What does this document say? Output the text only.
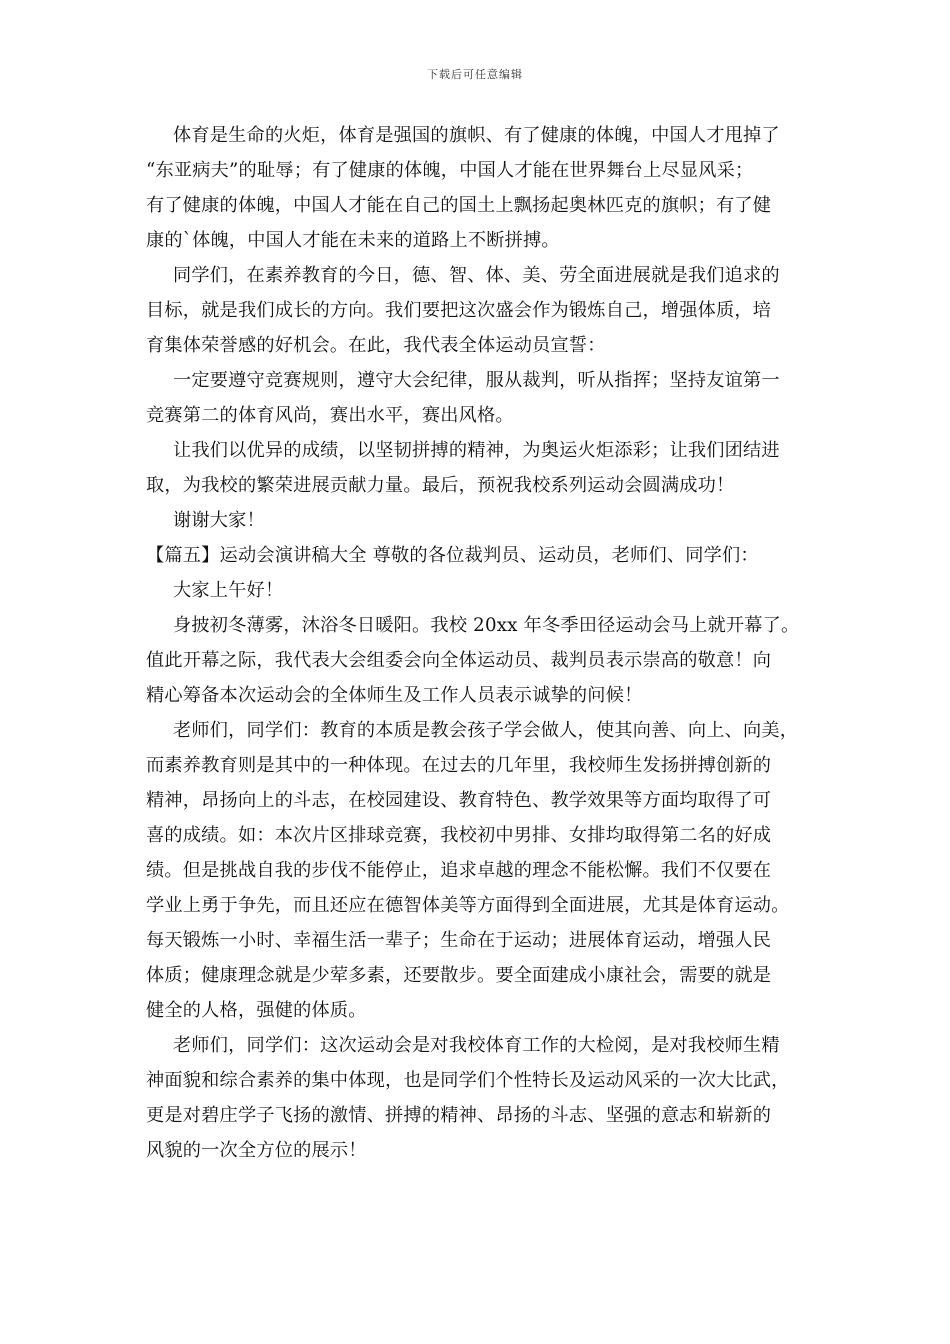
下载后可任意编辑
体育是生命的火炬，体育是强国的旗帜、有了健康的体魄，中国人才甩掉了
“东亚病夫”的耻辱；有了健康的体魄，中国人才能在世界舞台上尽显风采；
有了健康的体魄，中国人才能在自己的国土上飘扬起奥林匹克的旗帜；有了健
康的`体魄，中国人才能在未来的道路上不断拼搏。
同学们，在素养教育的今日，德、智、体、美、劳全面进展就是我们追求的
目标，就是我们成长的方向。我们要把这次盛会作为锻炼自己，增强体质，培
育集体荣誉感的好机会。在此，我代表全体运动员宣誓：
一定要遵守竞赛规则，遵守大会纪律，服从裁判，听从指挥；坚持友谊第一
竞赛第二的体育风尚，赛出水平，赛出风格。
让我们以优异的成绩，以坚韧拼搏的精神，为奥运火炬添彩；让我们团结进
取，为我校的繁荣进展贡献力量。最后，预祝我校系列运动会圆满成功！
谢谢大家！
【篇五】运动会演讲稿大全 尊敬的各位裁判员、运动员，老师们、同学们：
大家上午好！
身披初冬薄雾，沐浴冬日暖阳。我校 20xx 年冬季田径运动会马上就开幕了。
值此开幕之际，我代表大会组委会向全体运动员、裁判员表示崇高的敬意！向
精心筹备本次运动会的全体师生及工作人员表示诚挚的问候！
老师们，同学们：教育的本质是教会孩子学会做人，使其向善、向上、向美，
而素养教育则是其中的一种体现。在过去的几年里，我校师生发扬拼搏创新的
精神，昂扬向上的斗志，在校园建设、教育特色、教学效果等方面均取得了可
喜的成绩。如：本次片区排球竞赛，我校初中男排、女排均取得第二名的好成
绩。但是挑战自我的步伐不能停止，追求卓越的理念不能松懈。我们不仅要在
学业上勇于争先，而且还应在德智体美等方面得到全面进展，尤其是体育运动。
每天锻炼一小时、幸福生活一辈子；生命在于运动；进展体育运动，增强人民
体质；健康理念就是少荤多素，还要散步。要全面建成小康社会，需要的就是
健全的人格，强健的体质。
老师们，同学们：这次运动会是对我校体育工作的大检阅，是对我校师生精
神面貌和综合素养的集中体现，也是同学们个性特长及运动风采的一次大比武，
更是对碧庄学子飞扬的激情、拼搏的精神、昂扬的斗志、坚强的意志和崭新的
风貌的一次全方位的展示！
